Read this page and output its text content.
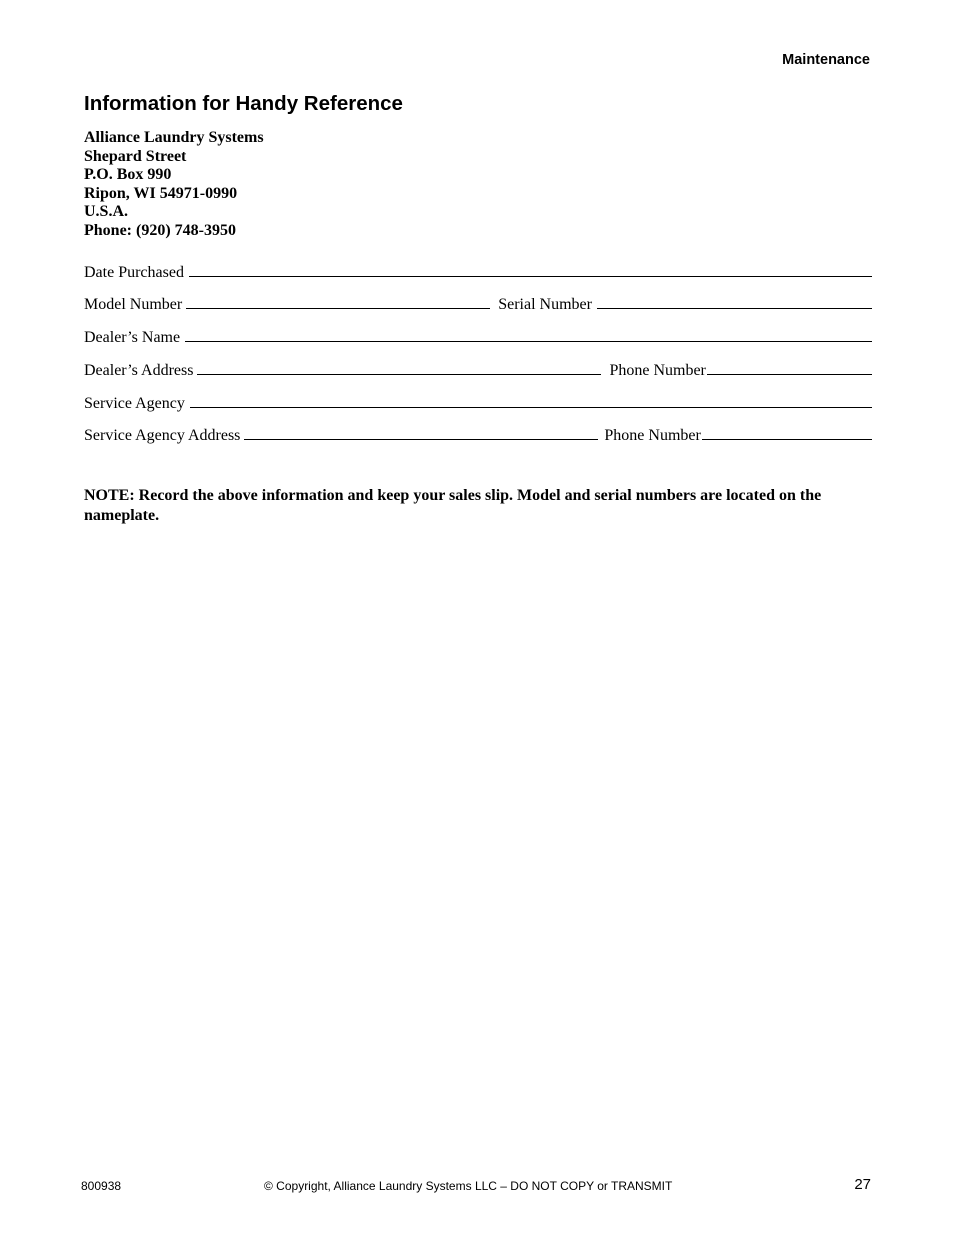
Maintenance
Information for Handy Reference
Alliance Laundry Systems
Shepard Street
P.O. Box 990
Ripon, WI 54971-0990
U.S.A.
Phone: (920) 748-3950
Date Purchased
Model Number	Serial Number
Dealer’s Name
Dealer’s Address	Phone Number
Service Agency
Service Agency Address	Phone Number
NOTE: Record the above information and keep your sales slip. Model and serial numbers are located on the nameplate.
800938	© Copyright, Alliance Laundry Systems LLC – DO NOT COPY or TRANSMIT	27
